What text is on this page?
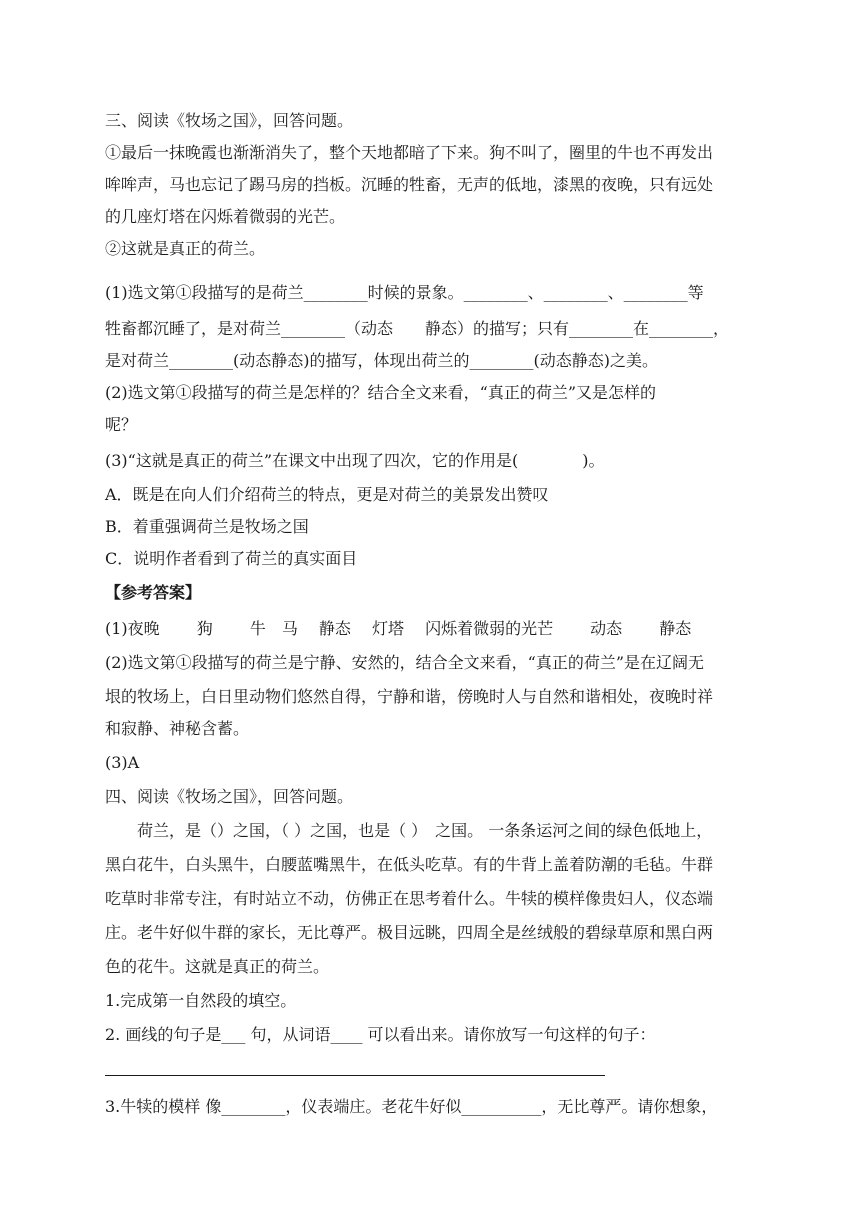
三、阅读《牧场之国》，回答问题。
①最后一抹晚霞也渐渐消失了，整个天地都暗了下来。狗不叫了，圈里的牛也不再发出
哞哞声，马也忘记了踢马房的挡板。沉睡的牲畜，无声的低地，漆黑的夜晚，只有远处
的几座灯塔在闪烁着微弱的光芒。
②这就是真正的荷兰。
(1)选文第①段描写的是荷兰________时候的景象。________、________、________等
牲畜都沉睡了，是对荷兰________（动态　　静态）的描写；只有________在________，
是对荷兰________(动态静态)的描写，体现出荷兰的________(动态静态)之美。
(2)选文第①段描写的荷兰是怎样的？结合全文来看，“真正的荷兰”又是怎样的
呢？
(3)“这就是真正的荷兰”在课文中出现了四次，它的作用是(　　　　)。
A．既是在向人们介绍荷兰的特点，更是对荷兰的美景发出赞叹
B．着重强调荷兰是牧场之国
C．说明作者看到了荷兰的真实面目
【参考答案】
(1)夜晚　　 狗　　 牛　马　 静态　 灯塔　 闪烁着微弱的光芒　　 动态　　 静态
(2)选文第①段描写的荷兰是宁静、安然的，结合全文来看，“真正的荷兰”是在辽阔无
垠的牧场上，白日里动物们悠然自得，宁静和谐，傍晚时人与自然和谐相处，夜晚时祥
和寂静、神秘含蓄。
(3)A
四、阅读《牧场之国》，回答问题。
　　荷兰，是（）之国，（ ）之国，也是（ ）　之国。 一条条运河之间的绿色低地上，
黑白花牛，白头黑牛，白腰蓝嘴黑牛，在低头吃草。有的牛背上盖着防潮的毛毡。牛群
吃草时非常专注，有时站立不动，仿佛正在思考着什么。牛犊的模样像贵妇人，仪态端
庄。老牛好似牛群的家长，无比尊严。极目远眺，四周全是丝绒般的碧绿草原和黑白两
色的花牛。这就是真正的荷兰。
1.完成第一自然段的填空。
2. 画线的句子是___ 句，从词语____ 可以看出来。请你放写一句这样的句子：
3.牛犊的模样 像________，仪表端庄。老花牛好似__________，无比尊严。请你想象，
